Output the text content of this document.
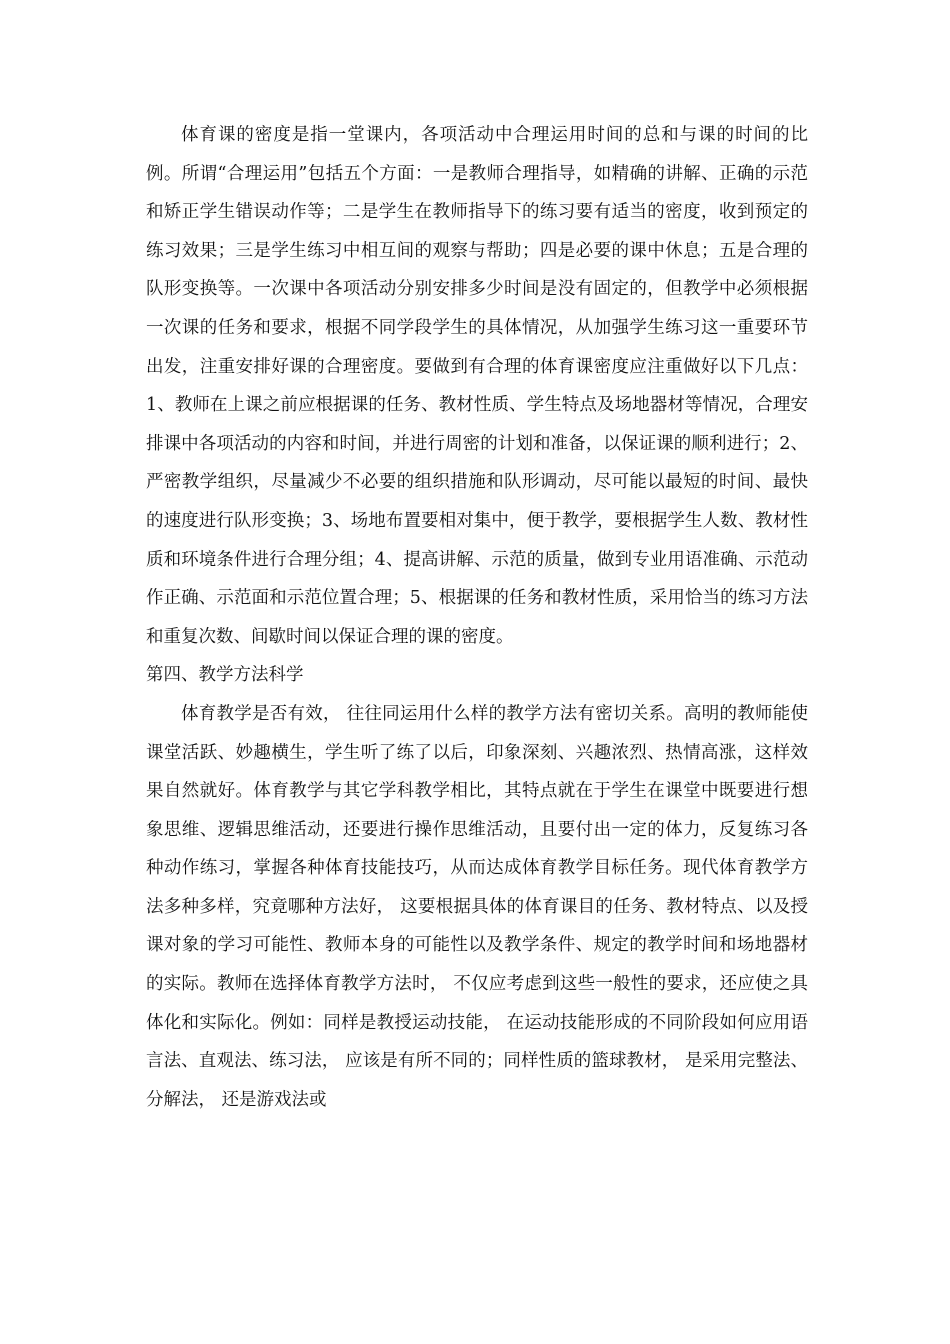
体育课的密度是指一堂课内，各项活动中合理运用时间的总和与课的时间的比例。所谓“合理运用”包括五个方面：一是教师合理指导，如精确的讲解、正确的示范和矫正学生错误动作等；二是学生在教师指导下的练习要有适当的密度，收到预定的练习效果；三是学生练习中相互间的观察与帮助；四是必要的课中休息；五是合理的队形变换等。一次课中各项活动分别安排多少时间是没有固定的，但教学中必须根据一次课的任务和要求，根据不同学段学生的具体情况，从加强学生练习这一重要环节出发，注重安排好课的合理密度。要做到有合理的体育课密度应注重做好以下几点：1、教师在上课之前应根据课的任务、教材性质、学生特点及场地器材等情况，合理安排课中各项活动的内容和时间，并进行周密的计划和准备，以保证课的顺利进行；2、严密教学组织，尽量减少不必要的组织措施和队形调动，尽可能以最短的时间、最快的速度进行队形变换；3、场地布置要相对集中，便于教学，要根据学生人数、教材性质和环境条件进行合理分组；4、提高讲解、示范的质量，做到专业用语准确、示范动作正确、示范面和示范位置合理；5、根据课的任务和教材性质，采用恰当的练习方法和重复次数、间歇时间以保证合理的课的密度。

第四、教学方法科学

体育教学是否有效， 往往同运用什么样的教学方法有密切关系。高明的教师能使课堂活跃、妙趣横生，学生听了练了以后，印象深刻、兴趣浓烈、热情高涨，这样效果自然就好。体育教学与其它学科教学相比，其特点就在于学生在课堂中既要进行想象思维、逻辑思维活动，还要进行操作思维活动，且要付出一定的体力，反复练习各种动作练习，掌握各种体育技能技巧，从而达成体育教学目标任务。现代体育教学方法多种多样，究竟哪种方法好， 这要根据具体的体育课目的任务、教材特点、以及授课对象的学习可能性、教师本身的可能性以及教学条件、规定的教学时间和场地器材的实际。教师在选择体育教学方法时， 不仅应考虑到这些一般性的要求，还应使之具体化和实际化。例如：同样是教授运动技能， 在运动技能形成的不同阶段如何应用语言法、直观法、练习法， 应该是有所不同的；同样性质的篮球教材， 是采用完整法、分解法， 还是游戏法或
